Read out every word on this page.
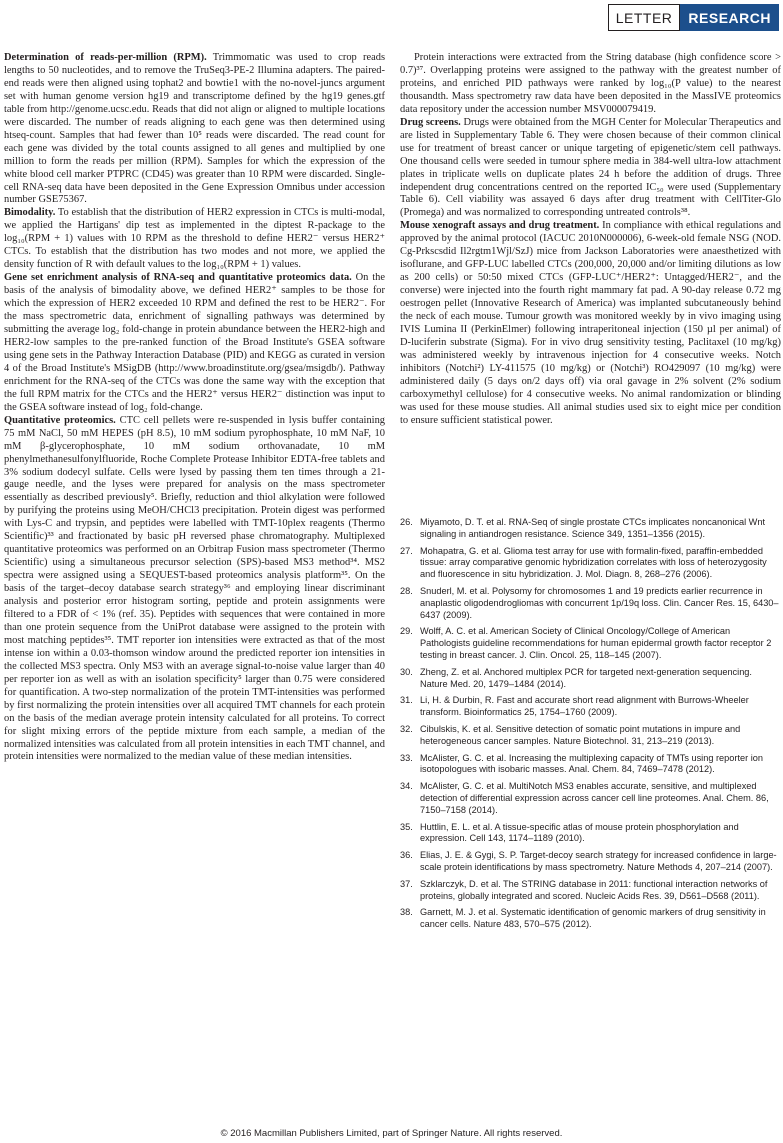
LETTER	RESEARCH

Determination of reads-per-million (RPM). Trimmomatic was used to crop reads lengths to 50 nucleotides, and to remove the TruSeq3-PE-2 Illumina adapters. The paired-end reads were then aligned using tophat2 and bowtie1 with the no-novel-juncs argument set with human genome version hg19 and transcriptome defined by the hg19 genes.gtf table from http://genome.ucsc.edu. Reads that did not align or aligned to multiple locations were discarded. The number of reads aligning to each gene was then determined using htseq-count. Samples that had fewer than 10⁵ reads were discarded. The read count for each gene was divided by the total counts assigned to all genes and multiplied by one million to form the reads per million (RPM). Samples for which the expression of the white blood cell marker PTPRC (CD45) was greater than 10 RPM were discarded. Single-cell RNA-seq data have been deposited in the Gene Expression Omnibus under accession number GSE75367.

Bimodality. To establish that the distribution of HER2 expression in CTCs is multi-modal, we applied the Hartigans' dip test as implemented in the diptest R-package to the log₁₀(RPM + 1) values with 10 RPM as the threshold to define HER2⁻ versus HER2⁺ CTCs. To establish that the distribution has two modes and not more, we applied the density function of R with default values to the log₁₀(RPM + 1) values.

Gene set enrichment analysis of RNA-seq and quantitative proteomics data. On the basis of the analysis of bimodality above, we defined HER2⁺ samples to be those for which the expression of HER2 exceeded 10 RPM and defined the rest to be HER2⁻. For the mass spectrometric data, enrichment of signalling pathways was determined by submitting the average log₂ fold-change in protein abundance between the HER2-high and HER2-low samples to the pre-ranked function of the Broad Institute's GSEA software using gene sets in the Pathway Interaction Database (PID) and KEGG as curated in version 4 of the Broad Institute's MSigDB (http://www.broadinstitute.org/gsea/msigdb/). Pathway enrichment for the RNA-seq of the CTCs was done the same way with the exception that the full RPM matrix for the CTCs and the HER2⁺ versus HER2⁻ distinction was input to the GSEA software instead of log₂ fold-change.

Quantitative proteomics. CTC cell pellets were re-suspended in lysis buffer containing 75 mM NaCl, 50 mM HEPES (pH 8.5), 10 mM sodium pyrophosphate, 10 mM NaF, 10 mM β-glycerophosphate, 10 mM sodium orthovanadate, 10 mM phenylmethanesulfonylfluoride, Roche Complete Protease Inhibitor EDTA-free tablets and 3% sodium dodecyl sulfate. Cells were lysed by passing them ten times through a 21-gauge needle, and the lyses were prepared for analysis on the mass spectrometer essentially as described previously⁵. Briefly, reduction and thiol alkylation were followed by purifying the proteins using MeOH/CHCl3 precipitation. Protein digest was performed with Lys-C and trypsin, and peptides were labelled with TMT-10plex reagents (Thermo Scientific)³³ and fractionated by basic pH reversed phase chromatography. Multiplexed quantitative proteomics was performed on an Orbitrap Fusion mass spectrometer (Thermo Scientific) using a simultaneous precursor selection (SPS)-based MS3 method³⁴. MS2 spectra were assigned using a SEQUEST-based proteomics analysis platform³⁵. On the basis of the target–decoy database search strategy³⁶ and employing linear discriminant analysis and posterior error histogram sorting, peptide and protein assignments were filtered to a FDR of < 1% (ref. 35). Peptides with sequences that were contained in more than one protein sequence from the UniProt database were assigned to the protein with most matching peptides³⁵. TMT reporter ion intensities were extracted as that of the most intense ion within a 0.03-thomson window around the predicted reporter ion intensities in the collected MS3 spectra. Only MS3 with an average signal-to-noise value larger than 40 per reporter ion as well as with an isolation specificity⁵ larger than 0.75 were considered for quantification. A two-step normalization of the protein TMT-intensities was performed by first normalizing the protein intensities over all acquired TMT channels for each protein on the basis of the median average protein intensity calculated for all proteins. To correct for slight mixing errors of the peptide mixture from each sample, a median of the normalized intensities was calculated from all protein intensities in each TMT channel, and protein intensities were normalized to the median value of these median intensities.

Protein interactions were extracted from the String database (high confidence score > 0.7)³⁷. Overlapping proteins were assigned to the pathway with the greatest number of proteins, and enriched PID pathways were ranked by log₁₀(P value) to the nearest thousandth. Mass spectrometry raw data have been deposited in the MassIVE proteomics data repository under the accession number MSV000079419.

Drug screens. Drugs were obtained from the MGH Center for Molecular Therapeutics and are listed in Supplementary Table 6. They were chosen because of their common clinical use for treatment of breast cancer or unique targeting of epigenetic/stem cell pathways. One thousand cells were seeded in tumour sphere media in 384-well ultra-low attachment plates in triplicate wells on duplicate plates 24 h before the addition of drugs. Three independent drug concentrations centred on the reported IC₅₀ were used (Supplementary Table 6). Cell viability was assayed 6 days after drug treatment with CellTiter-Glo (Promega) and was normalized to corresponding untreated controls³⁸.

Mouse xenograft assays and drug treatment. In compliance with ethical regulations and approved by the animal protocol (IACUC 2010N000006), 6-week-old female NSG (NOD. Cg-Prkscsdid Il2rgtm1Wjl/SzJ) mice from Jackson Laboratories were anaesthetized with isoflurane, and GFP-LUC labelled CTCs (200,000, 20,000 and/or limiting dilutions as low as 200 cells) or 50:50 mixed CTCs (GFP-LUC⁺/HER2⁺: Untagged/HER2⁻, and the converse) were injected into the fourth right mammary fat pad. A 90-day release 0.72 mg oestrogen pellet (Innovative Research of America) was implanted subcutaneously behind the neck of each mouse. Tumour growth was monitored weekly by in vivo imaging using IVIS Lumina II (PerkinElmer) following intraperitoneal injection (150 µl per animal) of D-luciferin substrate (Sigma). For in vivo drug sensitivity testing, Paclitaxel (10 mg/kg) was administered weekly by intravenous injection for 4 consecutive weeks. Notch inhibitors (Notchi²) LY-411575 (10 mg/kg) or (Notchi³) RO429097 (10 mg/kg) were administered daily (5 days on/2 days off) via oral gavage in 2% solvent (2% sodium carboxymethyl cellulose) for 4 consecutive weeks. No animal randomization or blinding was used for these mouse studies. All animal studies used six to eight mice per condition to ensure sufficient statistical power.

26. Miyamoto, D. T. et al. RNA-Seq of single prostate CTCs implicates noncanonical Wnt signaling in antiandrogen resistance. Science 349, 1351–1356 (2015).
27. Mohapatra, G. et al. Glioma test array for use with formalin-fixed, paraffin-embedded tissue: array comparative genomic hybridization correlates with loss of heterozygosity and fluorescence in situ hybridization. J. Mol. Diagn. 8, 268–276 (2006).
28. Snuderl, M. et al. Polysomy for chromosomes 1 and 19 predicts earlier recurrence in anaplastic oligodendrogliomas with concurrent 1p/19q loss. Clin. Cancer Res. 15, 6430–6437 (2009).
29. Wolff, A. C. et al. American Society of Clinical Oncology/College of American Pathologists guideline recommendations for human epidermal growth factor receptor 2 testing in breast cancer. J. Clin. Oncol. 25, 118–145 (2007).
30. Zheng, Z. et al. Anchored multiplex PCR for targeted next-generation sequencing. Nature Med. 20, 1479–1484 (2014).
31. Li, H. & Durbin, R. Fast and accurate short read alignment with Burrows-Wheeler transform. Bioinformatics 25, 1754–1760 (2009).
32. Cibulskis, K. et al. Sensitive detection of somatic point mutations in impure and heterogeneous cancer samples. Nature Biotechnol. 31, 213–219 (2013).
33. McAlister, G. C. et al. Increasing the multiplexing capacity of TMTs using reporter ion isotopologues with isobaric masses. Anal. Chem. 84, 7469–7478 (2012).
34. McAlister, G. C. et al. MultiNotch MS3 enables accurate, sensitive, and multiplexed detection of differential expression across cancer cell line proteomes. Anal. Chem. 86, 7150–7158 (2014).
35. Huttlin, E. L. et al. A tissue-specific atlas of mouse protein phosphorylation and expression. Cell 143, 1174–1189 (2010).
36. Elias, J. E. & Gygi, S. P. Target-decoy search strategy for increased confidence in large-scale protein identifications by mass spectrometry. Nature Methods 4, 207–214 (2007).
37. Szklarczyk, D. et al. The STRING database in 2011: functional interaction networks of proteins, globally integrated and scored. Nucleic Acids Res. 39, D561–D568 (2011).
38. Garnett, M. J. et al. Systematic identification of genomic markers of drug sensitivity in cancer cells. Nature 483, 570–575 (2012).
© 2016 Macmillan Publishers Limited, part of Springer Nature. All rights reserved.
